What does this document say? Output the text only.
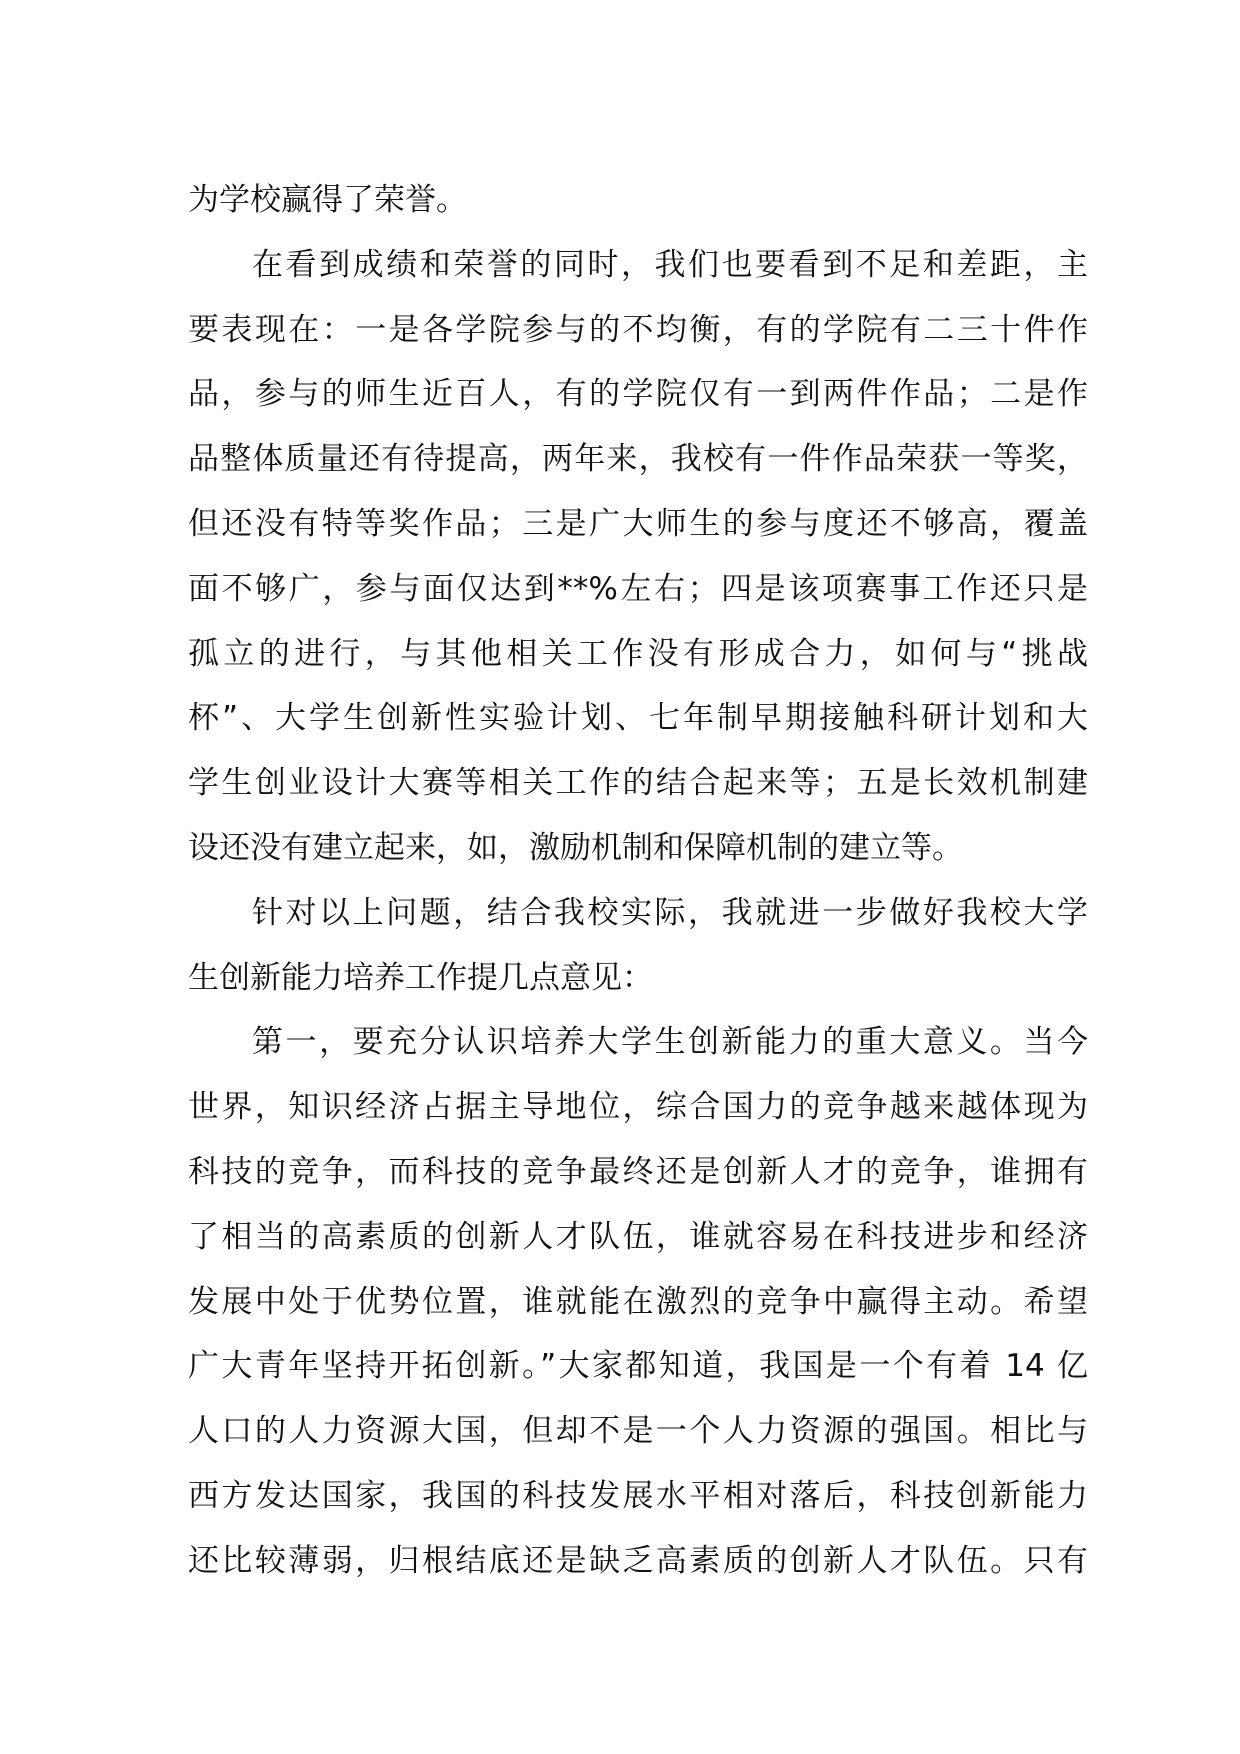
为学校赢得了荣誉。
在看到成绩和荣誉的同时，我们也要看到不足和差距，主
要表现在：一是各学院参与的不均衡，有的学院有二三十件作
品，参与的师生近百人，有的学院仅有一到两件作品；二是作
品整体质量还有待提高，两年来，我校有一件作品荣获一等奖，
但还没有特等奖作品；三是广大师生的参与度还不够高，覆盖
面不够广，参与面仅达到**%左右；四是该项赛事工作还只是
孤立的进行，与其他相关工作没有形成合力，如何与“挑战
杯”、大学生创新性实验计划、七年制早期接触科研计划和大
学生创业设计大赛等相关工作的结合起来等；五是长效机制建
设还没有建立起来，如，激励机制和保障机制的建立等。
针对以上问题，结合我校实际，我就进一步做好我校大学
生创新能力培养工作提几点意见：
第一，要充分认识培养大学生创新能力的重大意义。当今
世界，知识经济占据主导地位，综合国力的竞争越来越体现为
科技的竞争，而科技的竞争最终还是创新人才的竞争，谁拥有
了相当的高素质的创新人才队伍，谁就容易在科技进步和经济
发展中处于优势位置，谁就能在激烈的竞争中赢得主动。希望
广大青年坚持开拓创新。”大家都知道，我国是一个有着 14 亿
人口的人力资源大国，但却不是一个人力资源的强国。相比与
西方发达国家，我国的科技发展水平相对落后，科技创新能力
还比较薄弱，归根结底还是缺乏高素质的创新人才队伍。只有
